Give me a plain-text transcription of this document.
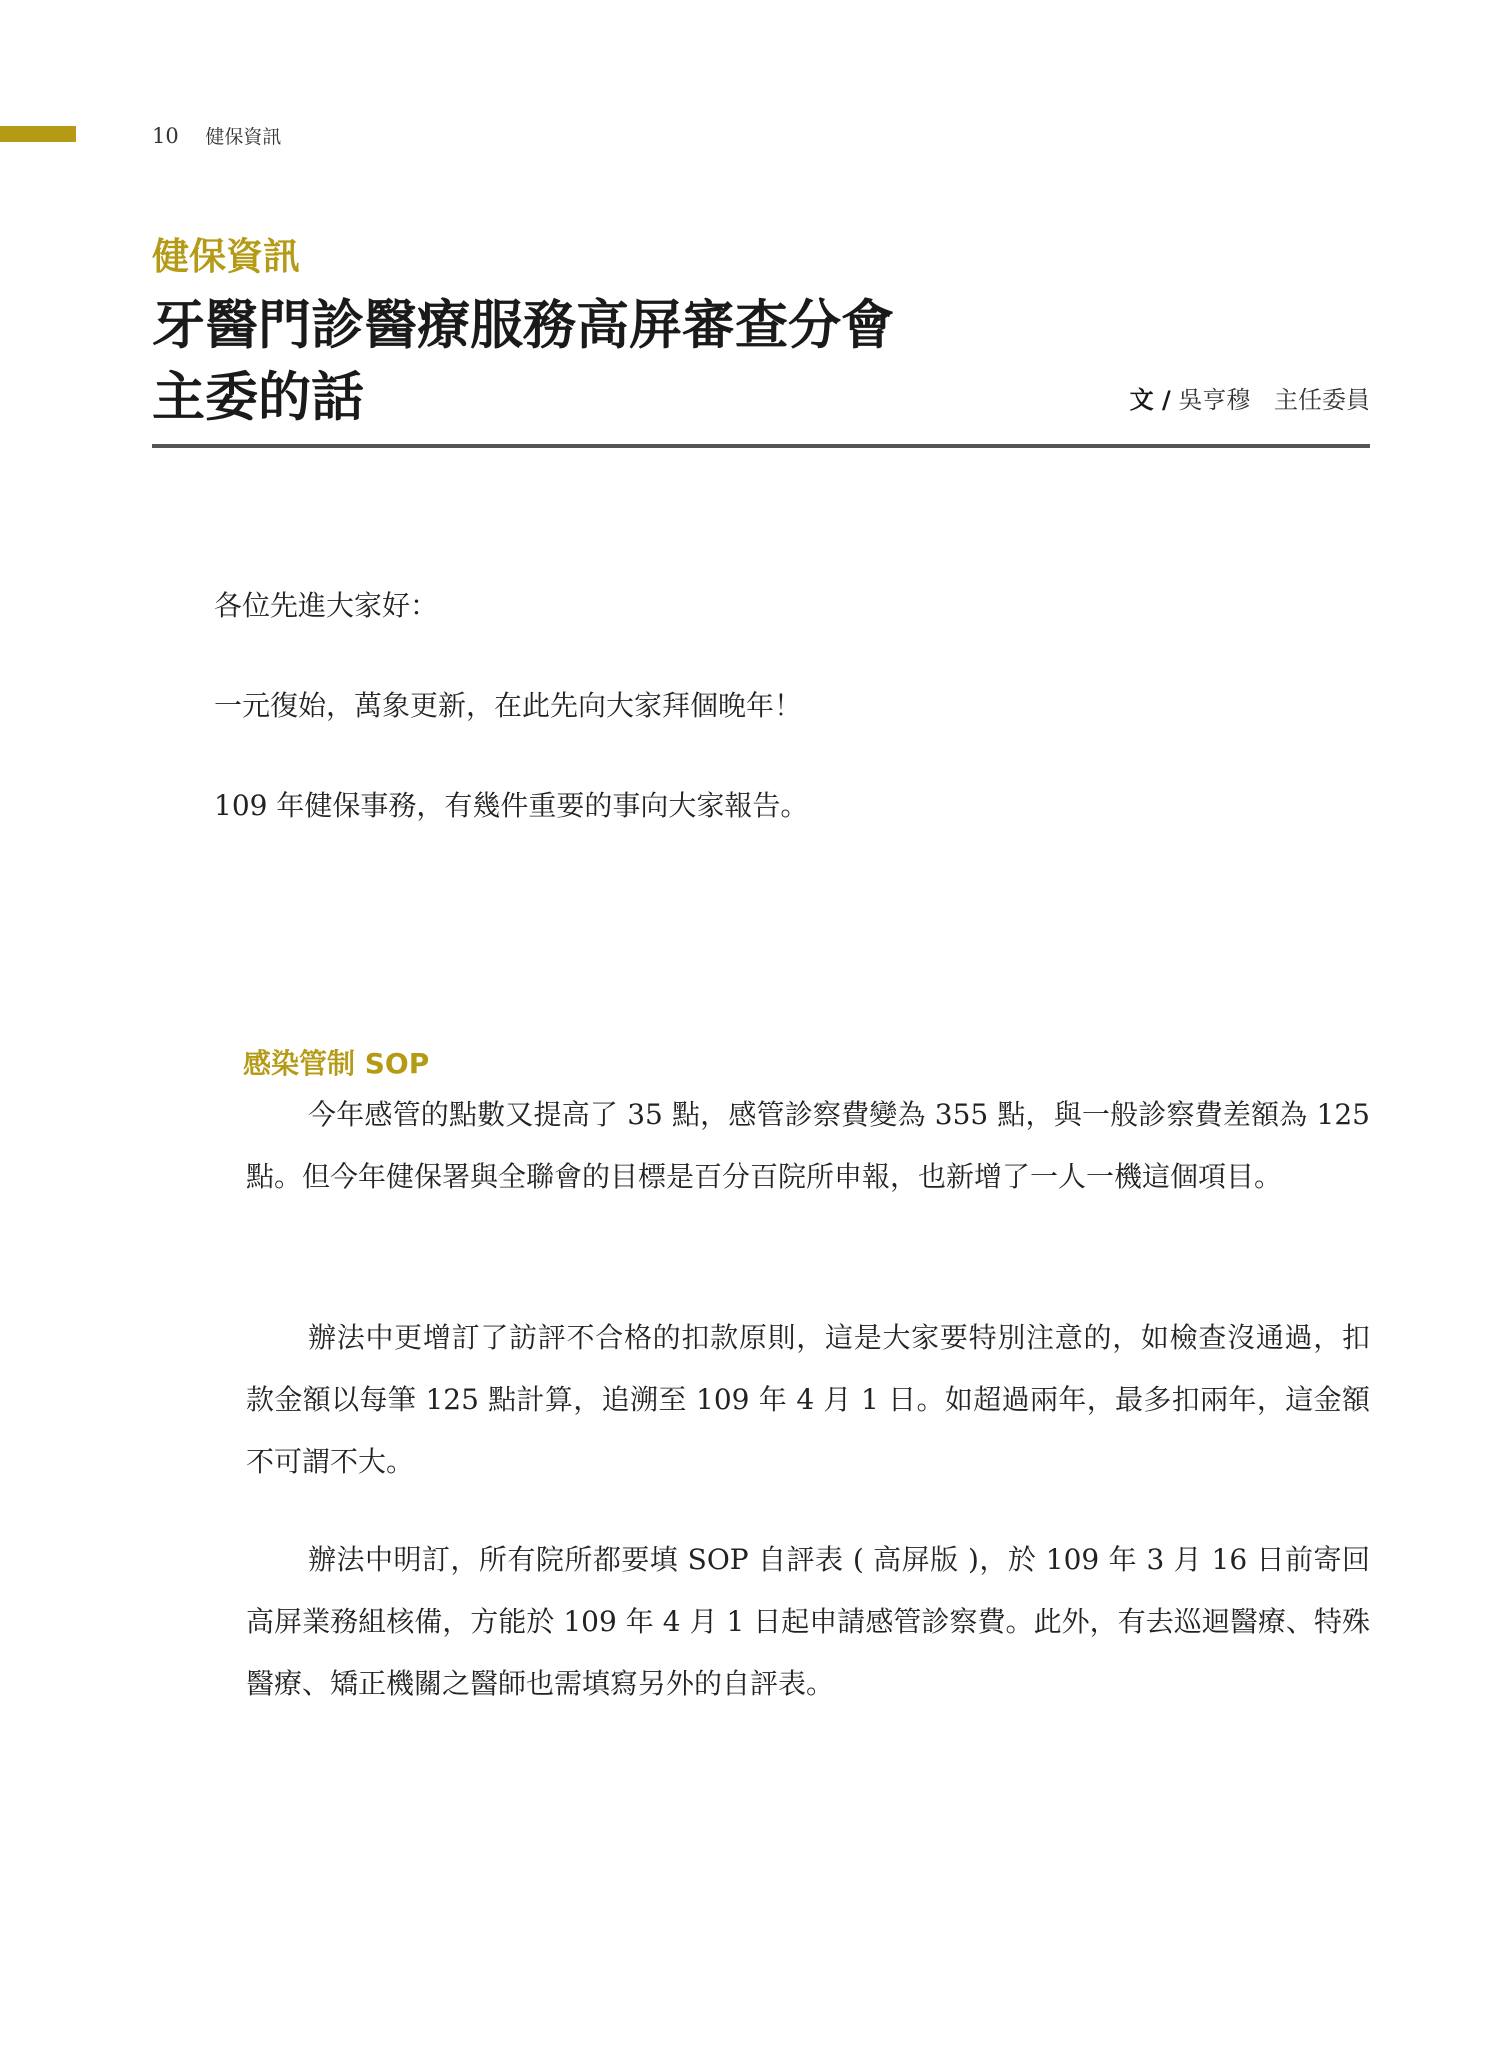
10 健保資訊
健保資訊
牙醫門診醫療服務高屏審查分會
主委的話	文 / 吳亨穆 主任委員

各位先進大家好：

一元復始，萬象更新，在此先向大家拜個晚年！

109 年健保事務，有幾件重要的事向大家報告。

感染管制 SOP

今年感管的點數又提高了 35 點，感管診察費變為 355 點，與一般診察費差額為 125 點。但今年健保署與全聯會的目標是百分百院所申報，也新增了一人一機這個項目。

辦法中更增訂了訪評不合格的扣款原則，這是大家要特別注意的，如檢查沒通過，扣款金額以每筆 125 點計算，追溯至 109 年 4 月 1 日。如超過兩年，最多扣兩年，這金額不可謂不大。

辦法中明訂，所有院所都要填 SOP 自評表 ( 高屏版 )，於 109 年 3 月 16 日前寄回高屏業務組核備，方能於 109 年 4 月 1 日起申請感管診察費。此外，有去巡迴醫療、特殊醫療、矯正機關之醫師也需填寫另外的自評表。
